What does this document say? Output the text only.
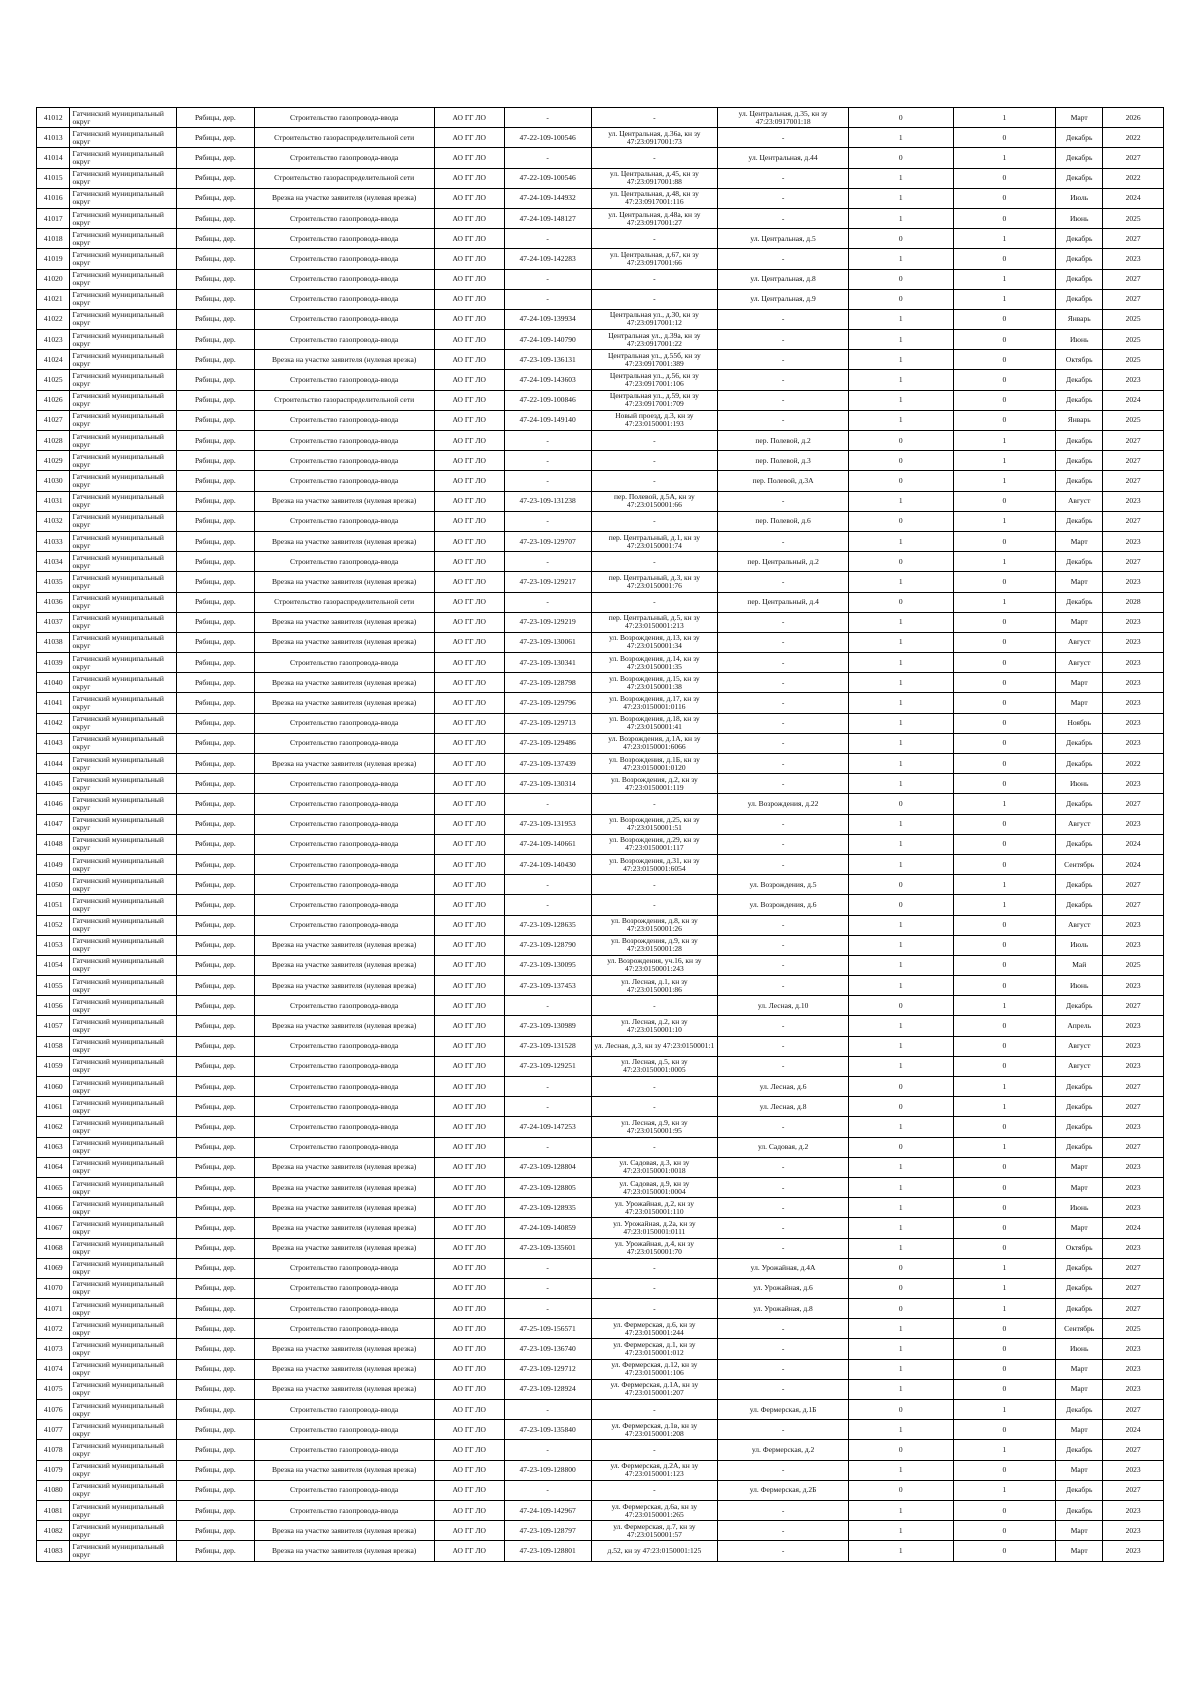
41012	Гатчинский муниципальный округ	Рябицы, дер.	Строительство газопровода-ввода	АО ГГ ЛО	-	-	ул. Центральная, д.35, кн зу 47:23:0917001:18	0	1	Март	2026
41013	Гатчинский муниципальный округ	Рябицы, дер.	Строительство газораспределительной сети	АО ГГ ЛО	47-22-109-100546	ул. Центральная, д.36а, кн зу 47:23:0917001:73	-	1	0	Декабрь	2022
41014	Гатчинский муниципальный округ	Рябицы, дер.	Строительство газопровода-ввода	АО ГГ ЛО	-	-	ул. Центральная, д.44	0	1	Декабрь	2027
41015	Гатчинский муниципальный округ	Рябицы, дер.	Строительство газораспределительной сети	АО ГГ ЛО	47-22-109-100546	ул. Центральная, д.45, кн зу 47:23:0917001:88	-	1	0	Декабрь	2022
41016	Гатчинский муниципальный округ	Рябицы, дер.	Врезка на участке заявителя (нулевая врезка)	АО ГГ ЛО	47-24-109-144932	ул. Центральная, д.48, кн зу 47:23:0917001:116	-	1	0	Июль	2024
41017	Гатчинский муниципальный округ	Рябицы, дер.	Строительство газопровода-ввода	АО ГГ ЛО	47-24-109-148127	ул. Центральная, д.48а, кн зу 47:23:0917001:27	-	1	0	Июнь	2025
41018	Гатчинский муниципальный округ	Рябицы, дер.	Строительство газопровода-ввода	АО ГГ ЛО	-	-	ул. Центральная, д.5	0	1	Декабрь	2027
41019	Гатчинский муниципальный округ	Рябицы, дер.	Строительство газопровода-ввода	АО ГГ ЛО	47-24-109-142283	ул. Центральная, д.67, кн зу 47:23:0917001:66	-	1	0	Декабрь	2023
41020	Гатчинский муниципальный округ	Рябицы, дер.	Строительство газопровода-ввода	АО ГГ ЛО	-	-	ул. Центральная, д.8	0	1	Декабрь	2027
41021	Гатчинский муниципальный округ	Рябицы, дер.	Строительство газопровода-ввода	АО ГГ ЛО	-	-	ул. Центральная, д.9	0	1	Декабрь	2027
41022	Гатчинский муниципальный округ	Рябицы, дер.	Строительство газопровода-ввода	АО ГГ ЛО	47-24-109-139934	Центральная ул., д.30, кн зу 47:23:0917001:12	-	1	0	Январь	2025
41023	Гатчинский муниципальный округ	Рябицы, дер.	Строительство газопровода-ввода	АО ГГ ЛО	47-24-109-140790	Центральная ул., д.39а, кн зу 47:23:0917001:22	-	1	0	Июнь	2025
41024	Гатчинский муниципальный округ	Рябицы, дер.	Врезка на участке заявителя (нулевая врезка)	АО ГГ ЛО	47-23-109-136131	Центральная ул., д.55б, кн зу 47:23:0917001:389	-	1	0	Октябрь	2025
41025	Гатчинский муниципальный округ	Рябицы, дер.	Строительство газопровода-ввода	АО ГГ ЛО	47-24-109-143603	Центральная ул., д.56, кн зу 47:23:0917001:106	-	1	0	Декабрь	2023
41026	Гатчинский муниципальный округ	Рябицы, дер.	Строительство газораспределительной сети	АО ГГ ЛО	47-22-109-100846	Центральная ул., д.59, кн зу 47:23:0917001:709	-	1	0	Декабрь	2024
41027	Гатчинский муниципальный округ	Рябицы, дер.	Строительство газопровода-ввода	АО ГГ ЛО	47-24-109-149140	Новый проезд, д.3, кн зу 47:23:0150001:193	-	1	0	Январь	2025
41028	Гатчинский муниципальный округ	Рябицы, дер.	Строительство газопровода-ввода	АО ГГ ЛО	-	-	пер. Полевой, д.2	0	1	Декабрь	2027
41029	Гатчинский муниципальный округ	Рябицы, дер.	Строительство газопровода-ввода	АО ГГ ЛО	-	-	пер. Полевой, д.3	0	1	Декабрь	2027
41030	Гатчинский муниципальный округ	Рябицы, дер.	Строительство газопровода-ввода	АО ГГ ЛО	-	-	пер. Полевой, д.3А	0	1	Декабрь	2027
41031	Гатчинский муниципальный округ	Рябицы, дер.	Врезка на участке заявителя (нулевая врезка)	АО ГГ ЛО	47-23-109-131238	пер. Полевой, д.5А, кн зу 47:23:0150001:66	-	1	0	Август	2023
41032	Гатчинский муниципальный округ	Рябицы, дер.	Строительство газопровода-ввода	АО ГГ ЛО	-	-	пер. Полевой, д.6	0	1	Декабрь	2027
41033	Гатчинский муниципальный округ	Рябицы, дер.	Врезка на участке заявителя (нулевая врезка)	АО ГГ ЛО	47-23-109-129707	пер. Центральный, д.1, кн зу 47:23:0150001:74	-	1	0	Март	2023
41034	Гатчинский муниципальный округ	Рябицы, дер.	Строительство газопровода-ввода	АО ГГ ЛО	-	-	пер. Центральный, д.2	0	1	Декабрь	2027
41035	Гатчинский муниципальный округ	Рябицы, дер.	Врезка на участке заявителя (нулевая врезка)	АО ГГ ЛО	47-23-109-129217	пер. Центральный, д.3, кн зу 47:23:0150001:76	-	1	0	Март	2023
41036	Гатчинский муниципальный округ	Рябицы, дер.	Строительство газораспределительной сети	АО ГГ ЛО	-	-	пер. Центральный, д.4	0	1	Декабрь	2028
41037	Гатчинский муниципальный округ	Рябицы, дер.	Врезка на участке заявителя (нулевая врезка)	АО ГГ ЛО	47-23-109-129219	пер. Центральный, д.5, кн зу 47:23:0150001:213	-	1	0	Март	2023
41038	Гатчинский муниципальный округ	Рябицы, дер.	Врезка на участке заявителя (нулевая врезка)	АО ГГ ЛО	47-23-109-130061	ул. Возрождения, д.13, кн зу 47:23:0150001:34	-	1	0	Август	2023
41039	Гатчинский муниципальный округ	Рябицы, дер.	Строительство газопровода-ввода	АО ГГ ЛО	47-23-109-130341	ул. Возрождения, д.14, кн зу 47:23:0150001:35	-	1	0	Август	2023
41040	Гатчинский муниципальный округ	Рябицы, дер.	Врезка на участке заявителя (нулевая врезка)	АО ГГ ЛО	47-23-109-128798	ул. Возрождения, д.15, кн зу 47:23:0150001:38	-	1	0	Март	2023
41041	Гатчинский муниципальный округ	Рябицы, дер.	Врезка на участке заявителя (нулевая врезка)	АО ГГ ЛО	47-23-109-129796	ул. Возрождения, д.17, кн зу 47:23:0150001:0116	-	1	0	Март	2023
41042	Гатчинский муниципальный округ	Рябицы, дер.	Строительство газопровода-ввода	АО ГГ ЛО	47-23-109-129713	ул. Возрождения, д.18, кн зу 47:23:0150001:41	-	1	0	Ноябрь	2023
41043	Гатчинский муниципальный округ	Рябицы, дер.	Строительство газопровода-ввода	АО ГГ ЛО	47-23-109-129486	ул. Возрождения, д.1А, кн зу 47:23:0150001:6066	-	1	0	Декабрь	2023
41044	Гатчинский муниципальный округ	Рябицы, дер.	Врезка на участке заявителя (нулевая врезка)	АО ГГ ЛО	47-23-109-137439	ул. Возрождения, д.1Б, кн зу 47:23:0150001:0120	-	1	0	Декабрь	2022
41045	Гатчинский муниципальный округ	Рябицы, дер.	Строительство газопровода-ввода	АО ГГ ЛО	47-23-109-130314	ул. Возрождения, д.2, кн зу 47:23:0150001:119	-	1	0	Июнь	2023
41046	Гатчинский муниципальный округ	Рябицы, дер.	Строительство газопровода-ввода	АО ГГ ЛО	-	-	ул. Возрождения, д.22	0	1	Декабрь	2027
41047	Гатчинский муниципальный округ	Рябицы, дер.	Строительство газопровода-ввода	АО ГГ ЛО	47-23-109-131953	ул. Возрождения, д.25, кн зу 47:23:0150001:51	-	1	0	Август	2023
41048	Гатчинский муниципальный округ	Рябицы, дер.	Строительство газопровода-ввода	АО ГГ ЛО	47-24-109-140661	ул. Возрождения, д.29, кн зу 47:23:0150001:117	-	1	0	Декабрь	2024
41049	Гатчинский муниципальный округ	Рябицы, дер.	Строительство газопровода-ввода	АО ГГ ЛО	47-24-109-140430	ул. Возрождения, д.31, кн зу 47:23:0150001:6054	-	1	0	Сентябрь	2024
41050	Гатчинский муниципальный округ	Рябицы, дер.	Строительство газопровода-ввода	АО ГГ ЛО	-	-	ул. Возрождения, д.5	0	1	Декабрь	2027
41051	Гатчинский муниципальный округ	Рябицы, дер.	Строительство газопровода-ввода	АО ГГ ЛО	-	-	ул. Возрождения, д.6	0	1	Декабрь	2027
41052	Гатчинский муниципальный округ	Рябицы, дер.	Строительство газопровода-ввода	АО ГГ ЛО	47-23-109-128635	ул. Возрождения, д.8, кн зу 47:23:0150001:26	-	1	0	Август	2023
41053	Гатчинский муниципальный округ	Рябицы, дер.	Врезка на участке заявителя (нулевая врезка)	АО ГГ ЛО	47-23-109-128790	ул. Возрождения, д.9, кн зу 47:23:0150001:28	-	1	0	Июль	2023
41054	Гатчинский муниципальный округ	Рябицы, дер.	Врезка на участке заявителя (нулевая врезка)	АО ГГ ЛО	47-23-109-130095	ул. Возрождения, уч.16, кн зу 47:23:0150001:243	-	1	0	Май	2025
41055	Гатчинский муниципальный округ	Рябицы, дер.	Врезка на участке заявителя (нулевая врезка)	АО ГГ ЛО	47-23-109-137453	ул. Лесная, д.1, кн зу 47:23:0150001:86	-	1	0	Июнь	2023
41056	Гатчинский муниципальный округ	Рябицы, дер.	Строительство газопровода-ввода	АО ГГ ЛО	-	-	ул. Лесная, д.10	0	1	Декабрь	2027
41057	Гатчинский муниципальный округ	Рябицы, дер.	Врезка на участке заявителя (нулевая врезка)	АО ГГ ЛО	47-23-109-130989	ул. Лесная, д.2, кн зу 47:23:0150001:10	-	1	0	Апрель	2023
41058	Гатчинский муниципальный округ	Рябицы, дер.	Строительство газопровода-ввода	АО ГГ ЛО	47-23-109-131528	ул. Лесная, д.3, кн зу 47:23:0150001:1	-	1	0	Август	2023
41059	Гатчинский муниципальный округ	Рябицы, дер.	Строительство газопровода-ввода	АО ГГ ЛО	47-23-109-129251	ул. Лесная, д.5, кн зу 47:23:0150001:0005	-	1	0	Август	2023
41060	Гатчинский муниципальный округ	Рябицы, дер.	Строительство газопровода-ввода	АО ГГ ЛО	-	-	ул. Лесная, д.6	0	1	Декабрь	2027
41061	Гатчинский муниципальный округ	Рябицы, дер.	Строительство газопровода-ввода	АО ГГ ЛО	-	-	ул. Лесная, д.8	0	1	Декабрь	2027
41062	Гатчинский муниципальный округ	Рябицы, дер.	Строительство газопровода-ввода	АО ГГ ЛО	47-24-109-147253	ул. Лесная, д.9, кн зу 47:23:0150001:95	-	1	0	Декабрь	2023
41063	Гатчинский муниципальный округ	Рябицы, дер.	Строительство газопровода-ввода	АО ГГ ЛО	-	-	ул. Садовая, д.2	0	1	Декабрь	2027
41064	Гатчинский муниципальный округ	Рябицы, дер.	Врезка на участке заявителя (нулевая врезка)	АО ГГ ЛО	47-23-109-128804	ул. Садовая, д.3, кн зу 47:23:0150001:0018	-	1	0	Март	2023
41065	Гатчинский муниципальный округ	Рябицы, дер.	Врезка на участке заявителя (нулевая врезка)	АО ГГ ЛО	47-23-109-128805	ул. Садовая, д.9, кн зу 47:23:0150001:0004	-	1	0	Март	2023
41066	Гатчинский муниципальный округ	Рябицы, дер.	Врезка на участке заявителя (нулевая врезка)	АО ГГ ЛО	47-23-109-128935	ул. Урожайная, д.2, кн зу 47:23:0150001:110	-	1	0	Июнь	2023
41067	Гатчинский муниципальный округ	Рябицы, дер.	Врезка на участке заявителя (нулевая врезка)	АО ГГ ЛО	47-24-109-140859	ул. Урожайная, д.2а, кн зу 47:23:0150001:0111	-	1	0	Март	2024
41068	Гатчинский муниципальный округ	Рябицы, дер.	Врезка на участке заявителя (нулевая врезка)	АО ГГ ЛО	47-23-109-135601	ул. Урожайная, д.4, кн зу 47:23:0150001:70	-	1	0	Октябрь	2023
41069	Гатчинский муниципальный округ	Рябицы, дер.	Строительство газопровода-ввода	АО ГГ ЛО	-	-	ул. Урожайная, д.4А	0	1	Декабрь	2027
41070	Гатчинский муниципальный округ	Рябицы, дер.	Строительство газопровода-ввода	АО ГГ ЛО	-	-	ул. Урожайная, д.6	0	1	Декабрь	2027
41071	Гатчинский муниципальный округ	Рябицы, дер.	Строительство газопровода-ввода	АО ГГ ЛО	-	-	ул. Урожайная, д.8	0	1	Декабрь	2027
41072	Гатчинский муниципальный округ	Рябицы, дер.	Строительство газопровода-ввода	АО ГГ ЛО	47-25-109-156571	ул. Фермерская, д.6, кн зу 47:23:0150001:244	-	1	0	Сентябрь	2025
41073	Гатчинский муниципальный округ	Рябицы, дер.	Врезка на участке заявителя (нулевая врезка)	АО ГГ ЛО	47-23-109-136740	ул. Фермерская, д.1, кн зу 47:23:0150001:012	-	1	0	Июнь	2023
41074	Гатчинский муниципальный округ	Рябицы, дер.	Врезка на участке заявителя (нулевая врезка)	АО ГГ ЛО	47-23-109-129712	ул. Фермерская, д.12, кн зу 47:23:0150001:106	-	1	0	Март	2023
41075	Гатчинский муниципальный округ	Рябицы, дер.	Врезка на участке заявителя (нулевая врезка)	АО ГГ ЛО	47-23-109-128924	ул. Фермерская, д.1А, кн зу 47:23:0150001:207	-	1	0	Март	2023
41076	Гатчинский муниципальный округ	Рябицы, дер.	Строительство газопровода-ввода	АО ГГ ЛО	-	-	ул. Фермерская, д.1Б	0	1	Декабрь	2027
41077	Гатчинский муниципальный округ	Рябицы, дер.	Строительство газопровода-ввода	АО ГГ ЛО	47-23-109-135840	ул. Фермерская, д.1в, кн зу 47:23:0150001:208	-	1	0	Март	2024
41078	Гатчинский муниципальный округ	Рябицы, дер.	Строительство газопровода-ввода	АО ГГ ЛО	-	-	ул. Фермерская, д.2	0	1	Декабрь	2027
41079	Гатчинский муниципальный округ	Рябицы, дер.	Врезка на участке заявителя (нулевая врезка)	АО ГГ ЛО	47-23-109-128800	ул. Фермерская, д.2А, кн зу 47:23:0150001:123	-	1	0	Март	2023
41080	Гатчинский муниципальный округ	Рябицы, дер.	Строительство газопровода-ввода	АО ГГ ЛО	-	-	ул. Фермерская, д.2Б	0	1	Декабрь	2027
41081	Гатчинский муниципальный округ	Рябицы, дер.	Строительство газопровода-ввода	АО ГГ ЛО	47-24-109-142967	ул. Фермерская, д.6а, кн зу 47:23:0150001:265	-	1	0	Декабрь	2023
41082	Гатчинский муниципальный округ	Рябицы, дер.	Врезка на участке заявителя (нулевая врезка)	АО ГГ ЛО	47-23-109-128797	ул. Фермерская, д.7, кн зу 47:23:0150001:57	-	1	0	Март	2023
41083	Гатчинский муниципальный округ	Рябицы, дер.	Врезка на участке заявителя (нулевая врезка)	АО ГГ ЛО	47-23-109-128801	д.52, кн зу 47:23:0150001:125	-	1	0	Март	2023
